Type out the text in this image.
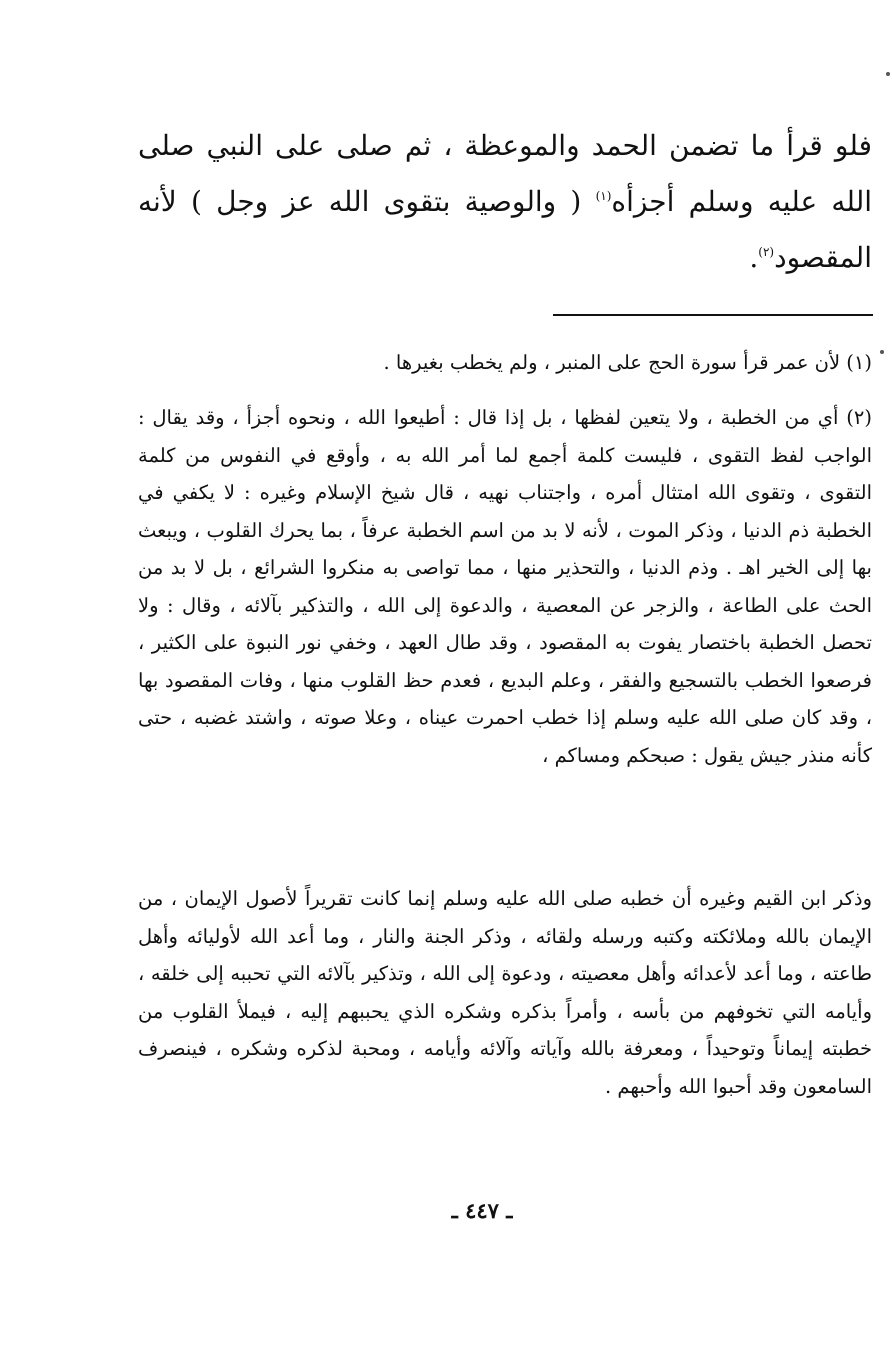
فلو قرأ ما تضمن الحمد والموعظة ، ثم صلى على النبي صلى الله عليه وسلم أجزأه$^{(١)}$ ( والوصية بتقوى الله عز وجل ) لأنه المقصود$^{(٢)}$.
(١) لأن عمر قرأ سورة الحج على المنبر ، ولم يخطب بغيرها .
(٢) أي من الخطبة ، ولا يتعين لفظها ، بل إذا قال : أطيعوا الله ، ونحوه أجزأ ، وقد يقال : الواجب لفظ التقوى ، فليست كلمة أجمع لما أمر الله به ، وأوقع في النفوس من كلمة التقوى ، وتقوى الله امتثال أمره ، واجتناب نهيه ، قال شيخ الإسلام وغيره : لا يكفي في الخطبة ذم الدنيا ، وذكر الموت ، لأنه لا بد من اسم الخطبة عرفاً ، بما يحرك القلوب ، ويبعث بها إلى الخير اهـ . وذم الدنيا ، والتحذير منها ، مما تواصى به منكروا الشرائع ، بل لا بد من الحث على الطاعة ، والزجر عن المعصية ، والدعوة إلى الله ، والتذكير بآلائه ، وقال : ولا تحصل الخطبة باختصار يفوت به المقصود ، وقد طال العهد ، وخفي نور النبوة على الكثير ، فرصعوا الخطب بالتسجيع والفقر ، وعلم البديع ، فعدم حظ القلوب منها ، وفات المقصود بها ، وقد كان صلى الله عليه وسلم إذا خطب احمرت عيناه ، وعلا صوته ، واشتد غضبه ، حتى كأنه منذر جيش يقول : صبحكم ومساكم ،
وذكر ابن القيم وغيره أن خطبه صلى الله عليه وسلم إنما كانت تقريراً لأصول الإيمان ، من الإيمان بالله وملائكته وكتبه ورسله ولقائه ، وذكر الجنة والنار ، وما أعد الله لأوليائه وأهل طاعته ، وما أعد لأعدائه وأهل معصيته ، ودعوة إلى الله ، وتذكير بآلائه التي تحببه إلى خلقه ، وأيامه التي تخوفهم من بأسه ، وأمراً بذكره وشكره الذي يحببهم إليه ، فيملأ القلوب من خطبته إيماناً وتوحيداً ، ومعرفة بالله وآياته وآلائه وأيامه ، ومحبة لذكره وشكره ، فينصرف السامعون وقد أحبوا الله وأحبهم .
ـ ٤٤٧ ـ
